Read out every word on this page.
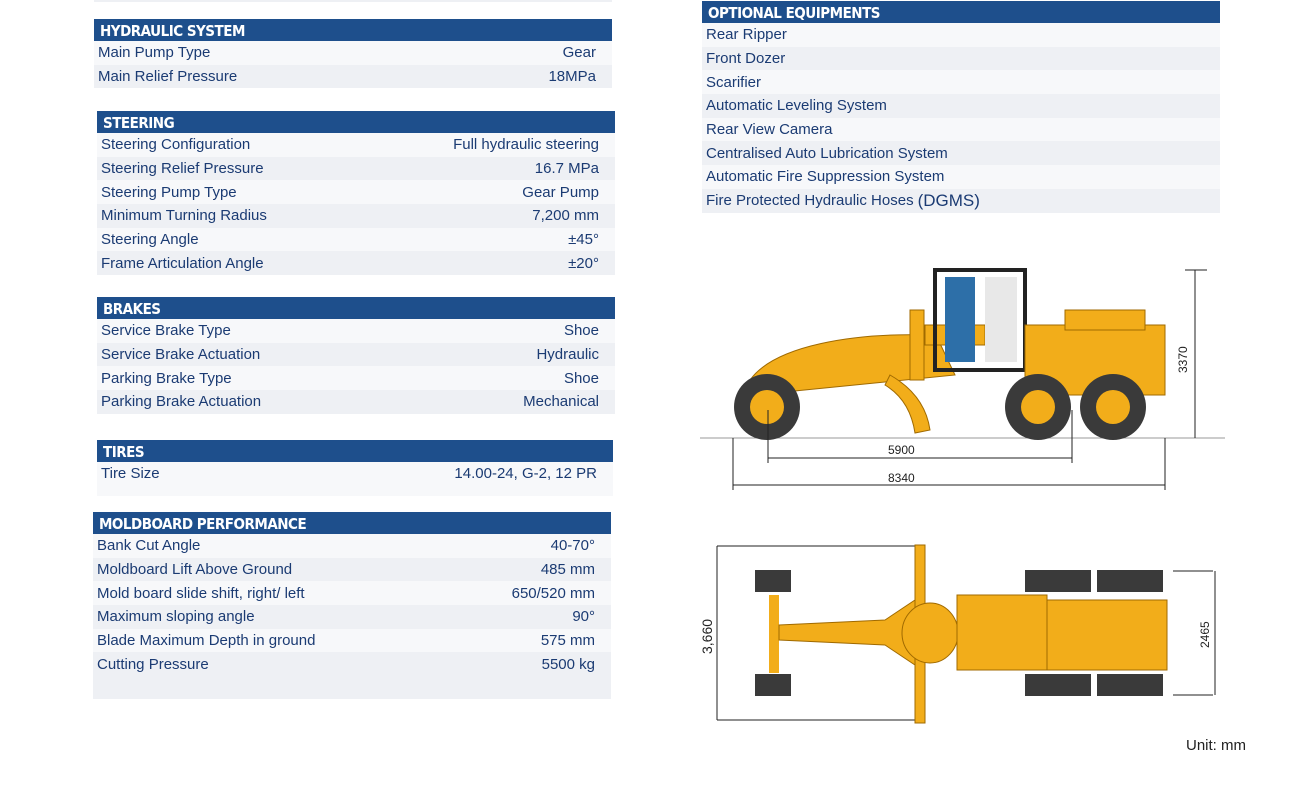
HYDRAULIC SYSTEM
Main Pump Type	Gear
Main Relief Pressure	18MPa
STEERING
Steering Configuration	Full hydraulic steering
Steering Relief Pressure	16.7 MPa
Steering Pump Type	Gear Pump
Minimum Turning Radius	7,200 mm
Steering Angle	±45°
Frame Articulation Angle	±20°
BRAKES
Service Brake Type	Shoe
Service Brake Actuation	Hydraulic
Parking Brake Type	Shoe
Parking Brake Actuation	Mechanical
TIRES
Tire Size	14.00-24, G-2, 12 PR
MOLDBOARD PERFORMANCE
Bank Cut Angle	40-70°
Moldboard Lift Above Ground	485 mm
Mold board slide shift, right/ left	650/520 mm
Maximum sloping angle	90°
Blade Maximum Depth in ground	575 mm
Cutting Pressure	5500 kg
OPTIONAL EQUIPMENTS
Rear Ripper
Front Dozer
Scarifier
Automatic Leveling System
Rear View Camera
Centralised Auto Lubrication System
Automatic Fire Suppression System
Fire Protected Hydraulic Hoses (DGMS)
5900
8340
3370
3,660	2465
Unit: mm
